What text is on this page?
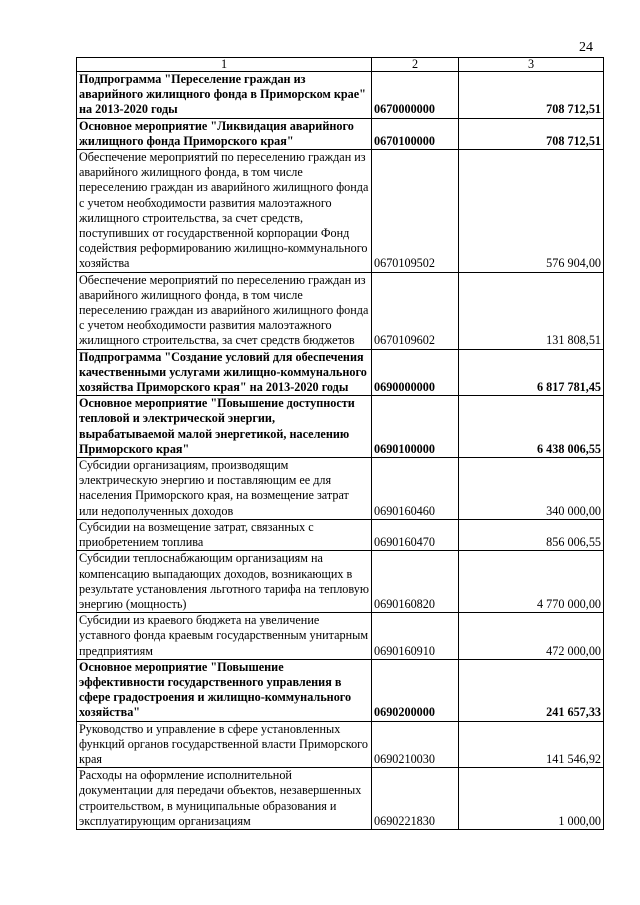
24
1	2	3
Подпрограмма "Переселение граждан из аварийного жилищного фонда в Приморском крае" на 2013-2020 годы	0670000000	708 712,51
Основное мероприятие "Ликвидация аварийного жилищного фонда Приморского края"	0670100000	708 712,51
Обеспечение мероприятий по переселению граждан из аварийного жилищного фонда, в том числе переселению граждан из аварийного жилищного фонда с учетом необходимости развития малоэтажного жилищного строительства, за счет средств, поступивших от государственной корпорации Фонд содействия реформированию жилищно-коммунального хозяйства	0670109502	576 904,00
Обеспечение мероприятий по переселению граждан из аварийного жилищного фонда, в том числе переселению граждан из аварийного жилищного фонда с учетом необходимости развития малоэтажного жилищного строительства, за счет средств бюджетов	0670109602	131 808,51
Подпрограмма "Создание условий для обеспечения качественными услугами жилищно-коммунального хозяйства Приморского края" на 2013-2020 годы	0690000000	6 817 781,45
Основное мероприятие "Повышение доступности тепловой и электрической энергии, вырабатываемой малой энергетикой, населению Приморского края"	0690100000	6 438 006,55
Субсидии организациям, производящим электрическую энергию и поставляющим ее для населения Приморского края, на возмещение затрат или недополученных доходов	0690160460	340 000,00
Субсидии на возмещение затрат, связанных с приобретением топлива	0690160470	856 006,55
Субсидии теплоснабжающим организациям на компенсацию выпадающих доходов, возникающих в результате установления льготного тарифа на тепловую энергию (мощность)	0690160820	4 770 000,00
Субсидии из краевого бюджета на увеличение уставного фонда краевым государственным унитарным предприятиям	0690160910	472 000,00
Основное мероприятие "Повышение эффективности государственного управления в сфере градостроения и жилищно-коммунального хозяйства"	0690200000	241 657,33
Руководство и управление в сфере установленных функций органов государственной власти Приморского края	0690210030	141 546,92
Расходы на оформление исполнительной документации для передачи объектов, незавершенных строительством, в муниципальные образования и эксплуатирующим организациям	0690221830	1 000,00
